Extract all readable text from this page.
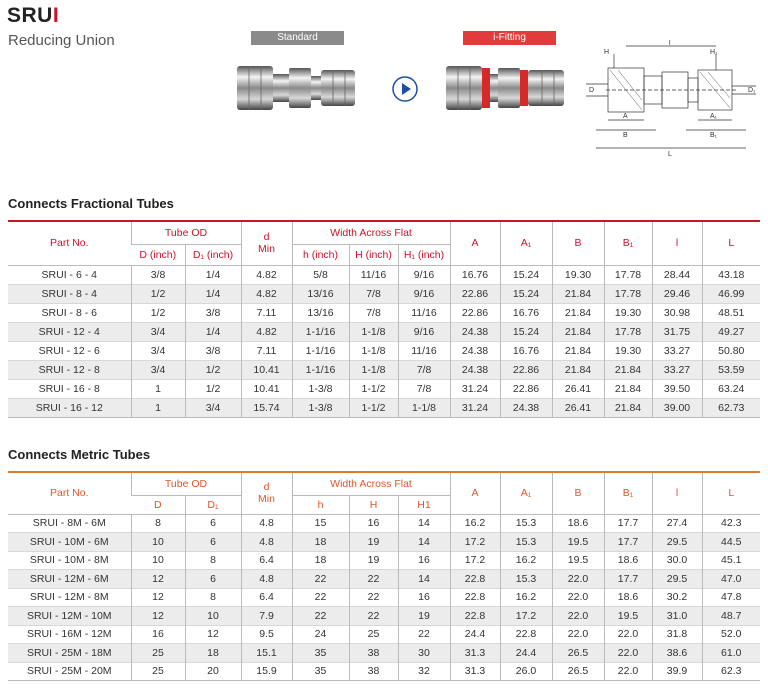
SRUI
Reducing Union	Standard	i-Fitting
H
l
H₁
D	D₁
A	A₁
B	B₁
L
Connects Fractional Tubes
Part No.	Tube OD		d
Min	Width Across Flat			A	A₁	B	B₁	l	L
	D (inch)	D₁ (inch)		h (inch)	H (inch)	H₁ (inch)						
SRUI - 6 - 4	3/8	1/4	4.82	5/8	11/16	9/16	16.76	15.24	19.30	17.78	28.44	43.18
SRUI - 8 - 4	1/2	1/4	4.82	13/16	7/8	9/16	22.86	15.24	21.84	17.78	29.46	46.99
SRUI - 8 - 6	1/2	3/8	7.11	13/16	7/8	11/16	22.86	16.76	21.84	19.30	30.98	48.51
SRUI - 12 - 4	3/4	1/4	4.82	1-1/16	1-1/8	9/16	24.38	15.24	21.84	17.78	31.75	49.27
SRUI - 12 - 6	3/4	3/8	7.11	1-1/16	1-1/8	11/16	24.38	16.76	21.84	19.30	33.27	50.80
SRUI - 12 - 8	3/4	1/2	10.41	1-1/16	1-1/8	7/8	24.38	22.86	21.84	21.84	33.27	53.59
SRUI - 16 - 8	1	1/2	10.41	1-3/8	1-1/2	7/8	31.24	22.86	26.41	21.84	39.50	63.24
SRUI - 16 - 12	1	3/4	15.74	1-3/8	1-1/2	1-1/8	31.24	24.38	26.41	21.84	39.00	62.73
Connects Metric Tubes
Part No.	Tube OD		d
Min	Width Across Flat			A	A₁	B	B₁	l	L
	D	D₁		h	H	H1						
SRUI - 8M - 6M	8	6	4.8	15	16	14	16.2	15.3	18.6	17.7	27.4	42.3
SRUI - 10M - 6M	10	6	4.8	18	19	14	17.2	15.3	19.5	17.7	29.5	44.5
SRUI - 10M - 8M	10	8	6.4	18	19	16	17.2	16.2	19.5	18.6	30.0	45.1
SRUI - 12M - 6M	12	6	4.8	22	22	14	22.8	15.3	22.0	17.7	29.5	47.0
SRUI - 12M - 8M	12	8	6.4	22	22	16	22.8	16.2	22.0	18.6	30.2	47.8
SRUI - 12M - 10M	12	10	7.9	22	22	19	22.8	17.2	22.0	19.5	31.0	48.7
SRUI - 16M - 12M	16	12	9.5	24	25	22	24.4	22.8	22.0	22.0	31.8	52.0
SRUI - 25M - 18M	25	18	15.1	35	38	30	31.3	24.4	26.5	22.0	38.6	61.0
SRUI - 25M - 20M	25	20	15.9	35	38	32	31.3	26.0	26.5	22.0	39.9	62.3
